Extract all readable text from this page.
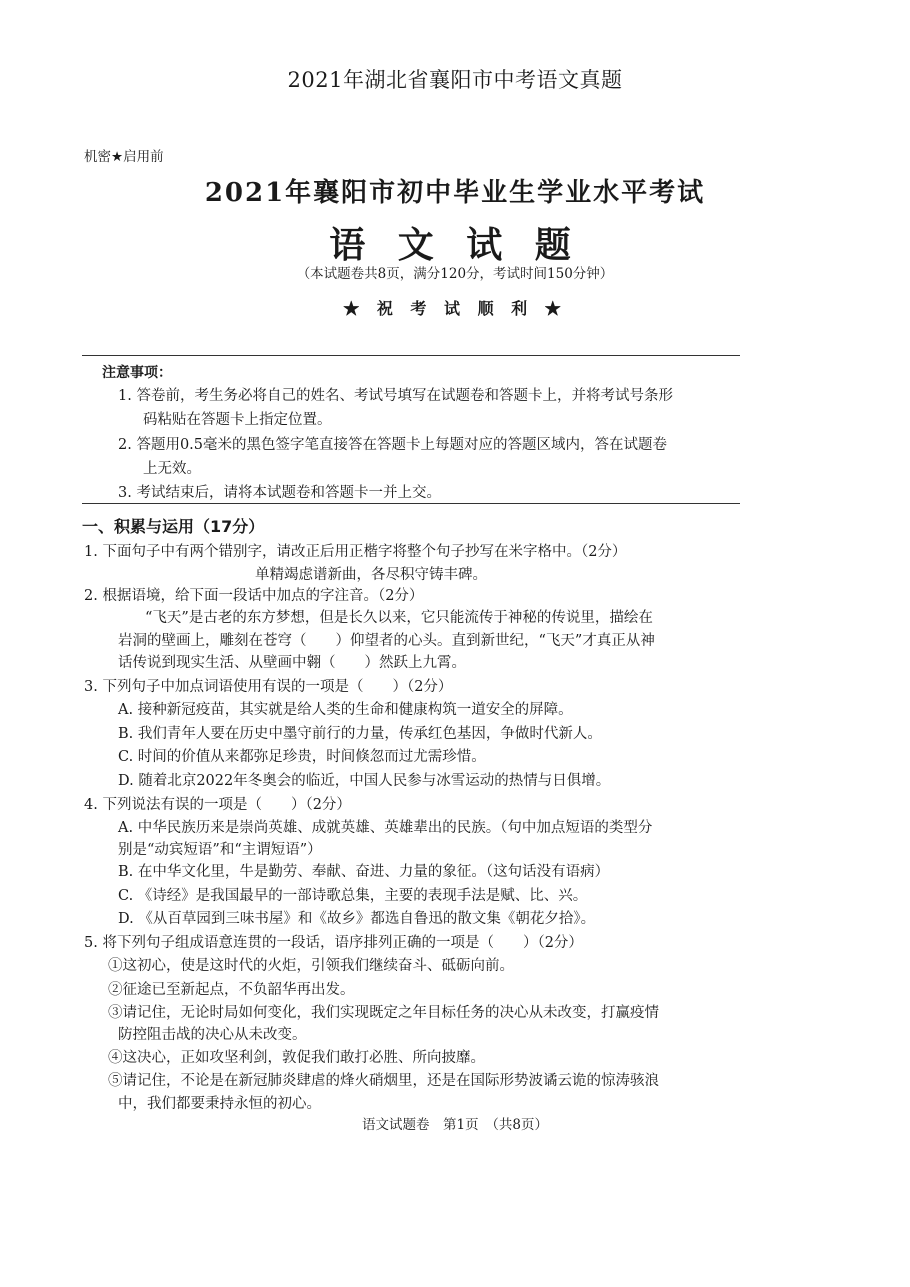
2021年湖北省襄阳市中考语文真题
机密★启用前
2021年襄阳市初中毕业生学业水平考试
语 文 试 题
（本试题卷共8页，满分120分，考试时间150分钟）
★ 祝 考 试 顺 利 ★
注意事项：
1. 答卷前，考生务必将自己的姓名、考试号填写在试题卷和答题卡上，并将考试号条形
码粘贴在答题卡上指定位置。
2. 答题用0.5毫米的黑色签字笔直接答在答题卡上每题对应的答题区域内，答在试题卷
上无效。
3. 考试结束后，请将本试题卷和答题卡一并上交。
一、积累与运用（17分）
1. 下面句子中有两个错别字，请改正后用正楷字将整个句子抄写在米字格中。（2分）
单精竭虑谱新曲，各尽积守铸丰碑。
2. 根据语境，给下面一段话中加点的字注音。（2分）
“飞天”是古老的东方梦想，但是长久以来，它只能流传于神秘的传说里，描绘在
岩洞的壁画上，雕刻在苍穹（　　）仰望者的心头。直到新世纪，“飞天”才真正从神
话传说到现实生活、从壁画中翱（　　）然跃上九霄。
3. 下列句子中加点词语使用有误的一项是（　　）（2分）
A. 接种新冠疫苗，其实就是给人类的生命和健康构筑一道安全的屏障。
B. 我们青年人要在历史中墨守前行的力量，传承红色基因，争做时代新人。
C. 时间的价值从来都弥足珍贵，时间倏忽而过尤需珍惜。
D. 随着北京2022年冬奥会的临近，中国人民参与冰雪运动的热情与日俱增。
4. 下列说法有误的一项是（　　）（2分）
A. 中华民族历来是崇尚英雄、成就英雄、英雄辈出的民族。（句中加点短语的类型分
别是“动宾短语”和“主谓短语”）
B. 在中华文化里，牛是勤劳、奉献、奋进、力量的象征。（这句话没有语病）
C. 《诗经》是我国最早的一部诗歌总集，主要的表现手法是赋、比、兴。
D. 《从百草园到三味书屋》和《故乡》都选自鲁迅的散文集《朝花夕拾》。
5. 将下列句子组成语意连贯的一段话，语序排列正确的一项是（　　）（2分）
①这初心，使是这时代的火炬，引领我们继续奋斗、砥砺向前。
②征途已至新起点，不负韶华再出发。
③请记住，无论时局如何变化，我们实现既定之年目标任务的决心从未改变，打赢疫情
防控阻击战的决心从未改变。
④这决心，正如攻坚利剑，敦促我们敢打必胜、所向披靡。
⑤请记住，不论是在新冠肺炎肆虐的烽火硝烟里，还是在国际形势波谲云诡的惊涛骇浪
中，我们都要秉持永恒的初心。
语文试题卷　第1页　（共8页）
